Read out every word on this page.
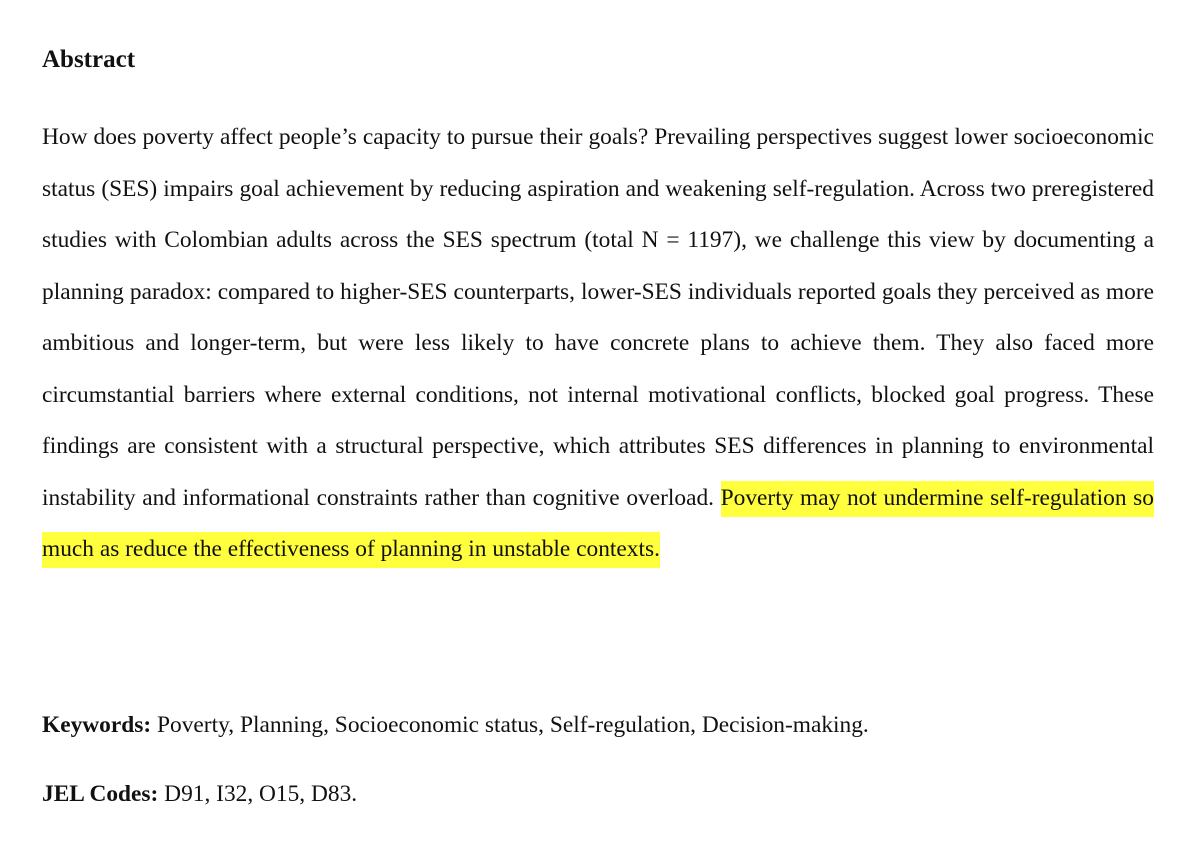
Abstract

How does poverty affect people’s capacity to pursue their goals? Prevailing perspectives suggest lower socioeconomic status (SES) impairs goal achievement by reducing aspiration and weakening self-regulation. Across two preregistered studies with Colombian adults across the SES spectrum (total N = 1197), we challenge this view by documenting a planning paradox: compared to higher-SES counterparts, lower-SES individuals reported goals they perceived as more ambitious and longer-term, but were less likely to have concrete plans to achieve them. They also faced more circumstantial barriers where external conditions, not internal motivational conflicts, blocked goal progress. These findings are consistent with a structural perspective, which attributes SES differences in planning to environmental instability and informational constraints rather than cognitive overload. Poverty may not undermine self-regulation so much as reduce the effectiveness of planning in unstable contexts.

Keywords: Poverty, Planning, Socioeconomic status, Self-regulation, Decision-making.

JEL Codes: D91, I32, O15, D83.
